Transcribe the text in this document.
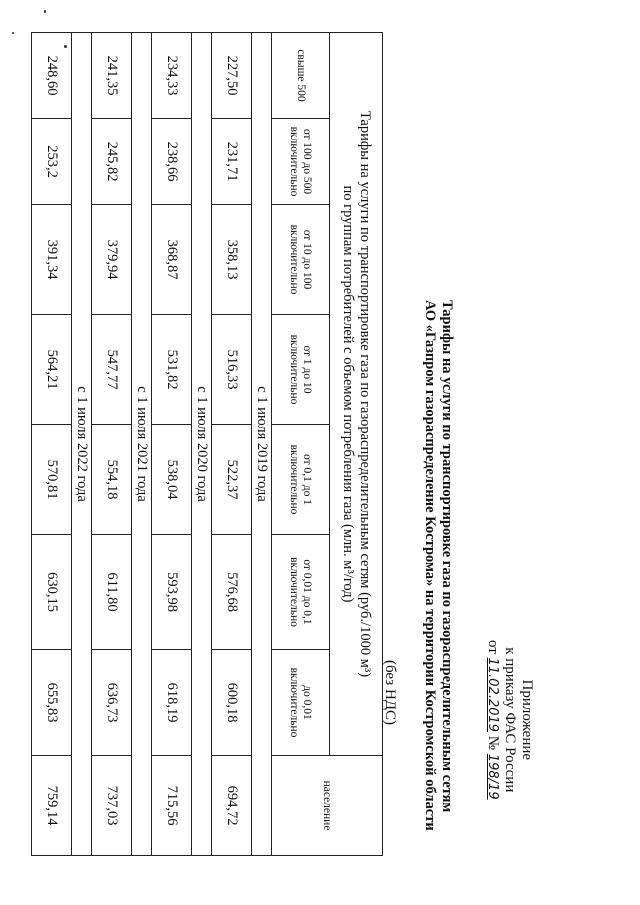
Приложение
к приказу ФАС России
от 11.02.2019 № 198/19
Тарифы на услуги по транспортировке газа по газораспределительным сетям
АО «Газпром газораспределение Кострома» на территории Костромской области
(без НДС)
Тарифы на услуги по транспортировке газа по газораспределительным сетям (руб./1000 м³)
по группам потребителей с объемом потребления газа (млн. м³/год)							население
свыше 500	от 100 до 500 включительно	от 10 до 100 включительно	от 1 до 10 включительно	от 0,1 до 1 включительно	от 0,01 до 0,1 включительно	до 0,01 включительно	
с 1 июля 2019 года							
227,50	231,71	358,13	516,33	522,37	576,68	600,18	694,72
с 1 июля 2020 года							
234,33	238,66	368,87	531,82	538,04	593,98	618,19	715,56
с 1 июля 2021 года							
241,35	245,82	379,94	547,77	554,18	611,80	636,73	737,03
с 1 июля 2022 года							
248,60	253,2	391,34	564,21	570,81	630,15	655,83	759,14
